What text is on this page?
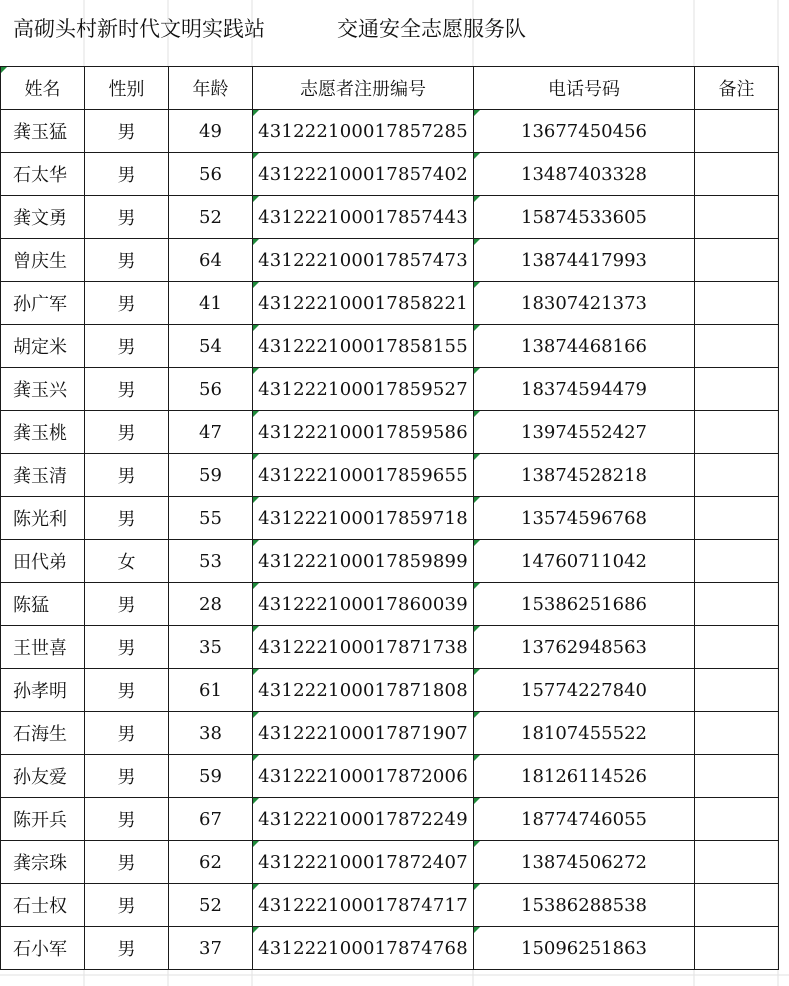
高砌头村新时代文明实践站	交通安全志愿服务队
姓名	性别	年龄	志愿者注册编号	电话号码	备注
龚玉猛	男	49	431222100017857285	13677450456	
石太华	男	56	431222100017857402	13487403328	
龚文勇	男	52	431222100017857443	15874533605	
曾庆生	男	64	431222100017857473	13874417993	
孙广军	男	41	431222100017858221	18307421373	
胡定米	男	54	431222100017858155	13874468166	
龚玉兴	男	56	431222100017859527	18374594479	
龚玉桃	男	47	431222100017859586	13974552427	
龚玉清	男	59	431222100017859655	13874528218	
陈光利	男	55	431222100017859718	13574596768	
田代弟	女	53	431222100017859899	14760711042	
陈猛	男	28	431222100017860039	15386251686	
王世喜	男	35	431222100017871738	13762948563	
孙孝明	男	61	431222100017871808	15774227840	
石海生	男	38	431222100017871907	18107455522	
孙友爱	男	59	431222100017872006	18126114526	
陈开兵	男	67	431222100017872249	18774746055	
龚宗珠	男	62	431222100017872407	13874506272	
石士权	男	52	431222100017874717	15386288538	
石小军	男	37	431222100017874768	15096251863	
